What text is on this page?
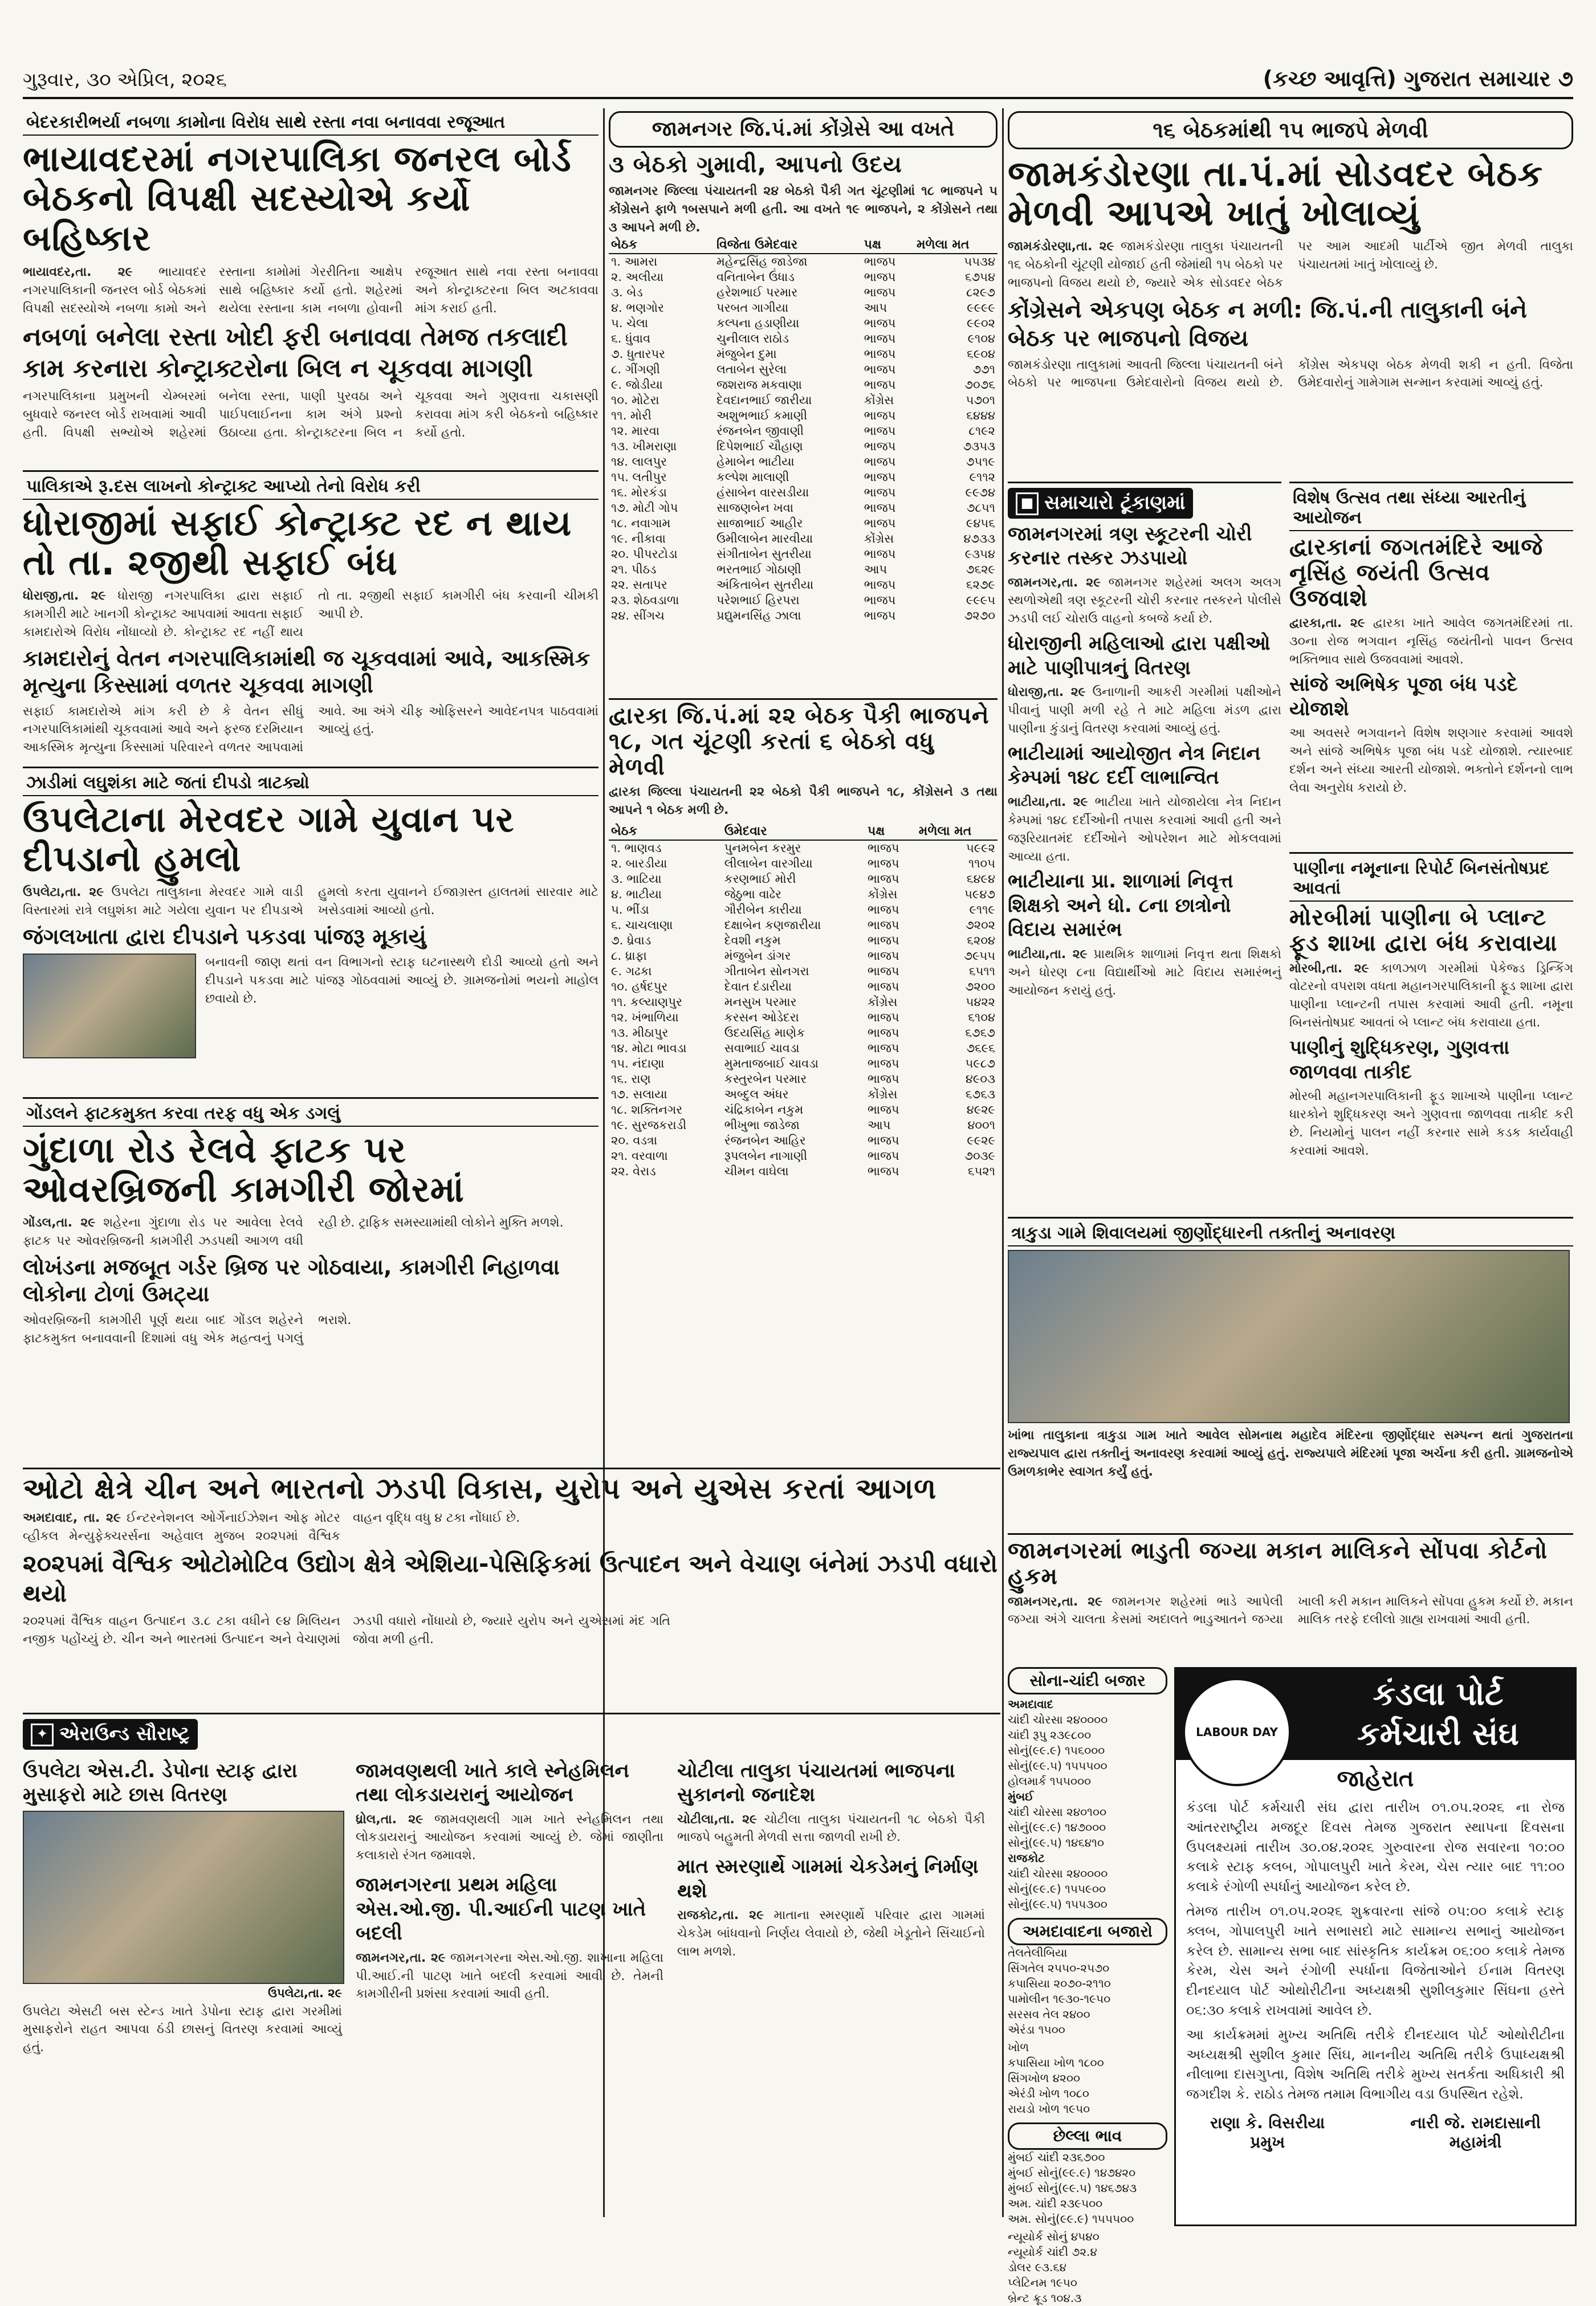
ગુરૂવાર, ૩૦ એપ્રિલ, ૨૦૨૬	(કચ્છ આવૃત્તિ) ગુજરાત સમાચાર ૭
બેદરકારીભર્યા નબળા કામોના વિરોધ સાથે રસ્તા નવા બનાવવા રજૂઆત
ભાયાવદરમાં નગરપાલિકા જનરલ બોર્ડ બેઠકનો વિપક્ષી સદસ્યોએ કર્યો બહિષ્કાર
ભાયાવદર,તા. ૨૯ ભાયાવદર નગરપાલિકાની જનરલ બોર્ડ બેઠકમાં વિપક્ષી સદસ્યોએ નબળા કામો અને રસ્તાના કામોમાં ગેરરીતિના આક્ષેપ સાથે બહિષ્કાર કર્યો હતો. શહેરમાં થયેલા રસ્તાના કામ નબળા હોવાની રજૂઆત સાથે નવા રસ્તા બનાવવા અને કોન્ટ્રાક્ટરના બિલ અટકાવવા માંગ કરાઈ હતી.
નબળાં બનેલા રસ્તા ખોદી ફરી બનાવવા તેમજ તકલાદી કામ કરનારા કોન્ટ્રાક્ટરોના બિલ ન ચૂકવવા માગણી
નગરપાલિકાના પ્રમુખની ચેમ્બરમાં બુધવારે જનરલ બોર્ડ રાખવામાં આવી હતી. વિપક્ષી સભ્યોએ શહેરમાં બનેલા રસ્તા, પાણી પુરવઠા અને પાઈપલાઈનના કામ અંગે પ્રશ્નો ઉઠાવ્યા હતા. કોન્ટ્રાક્ટરના બિલ ન ચૂકવવા અને ગુણવત્તા ચકાસણી કરાવવા માંગ કરી બેઠકનો બહિષ્કાર કર્યો હતો.
પાલિકાએ રૂ.દસ લાખનો કોન્ટ્રાક્ટ આપ્યો તેનો વિરોધ કરી
ધોરાજીમાં સફાઈ કોન્ટ્રાક્ટ રદ ન થાય તો તા. ૨જીથી સફાઈ બંધ
ધોરાજી,તા. ૨૯ ધોરાજી નગરપાલિકા દ્વારા સફાઈ કામગીરી માટે ખાનગી કોન્ટ્રાક્ટ આપવામાં આવતા સફાઈ કામદારોએ વિરોધ નોંધાવ્યો છે. કોન્ટ્રાક્ટ રદ નહીં થાય તો તા. ૨જીથી સફાઈ કામગીરી બંધ કરવાની ચીમકી આપી છે.
કામદારોનું વેતન નગરપાલિકામાંથી જ ચૂકવવામાં આવે, આકસ્મિક મૃત્યુના કિસ્સામાં વળતર ચૂકવવા માગણી
સફાઈ કામદારોએ માંગ કરી છે કે વેતન સીધું નગરપાલિકામાંથી ચૂકવવામાં આવે અને ફરજ દરમિયાન આકસ્મિક મૃત્યુના કિસ્સામાં પરિવારને વળતર આપવામાં આવે. આ અંગે ચીફ ઓફિસરને આવેદનપત્ર પાઠવવામાં આવ્યું હતું.
ઝાડીમાં લઘુશંકા માટે જતાં દીપડો ત્રાટક્યો
ઉપલેટાના મેરવદર ગામે યુવાન પર દીપડાનો હુમલો
ઉપલેટા,તા. ૨૯ ઉપલેટા તાલુકાના મેરવદર ગામે વાડી વિસ્તારમાં રાત્રે લઘુશંકા માટે ગયેલા યુવાન પર દીપડાએ હુમલો કરતા યુવાનને ઈજાગ્રસ્ત હાલતમાં સારવાર માટે ખસેડવામાં આવ્યો હતો.
જંગલખાતા દ્વારા દીપડાને પકડવા પાંજરૂ મૂકાયું
બનાવની જાણ થતાં વન વિભાગનો સ્ટાફ ઘટનાસ્થળે દોડી આવ્યો હતો અને દીપડાને પકડવા માટે પાંજરૂ ગોઠવવામાં આવ્યું છે. ગ્રામજનોમાં ભયનો માહોલ છવાયો છે.
ગોંડલને ફાટકમુક્ત કરવા તરફ વધુ એક ડગલું
ગુંદાળા રોડ રેલવે ફાટક પર ઓવરબ્રિજની કામગીરી જોરમાં
ગોંડલ,તા. ૨૯ શહેરના ગુંદાળા રોડ પર આવેલા રેલવે ફાટક પર ઓવરબ્રિજની કામગીરી ઝડપથી આગળ વધી રહી છે. ટ્રાફિક સમસ્યામાંથી લોકોને મુક્તિ મળશે.
લોખંડના મજબૂત ગર્ડર બ્રિજ પર ગોઠવાયા, કામગીરી નિહાળવા લોકોના ટોળાં ઉમટ્યા
ઓવરબ્રિજની કામગીરી પૂર્ણ થયા બાદ ગોંડલ શહેરને ફાટકમુક્ત બનાવવાની દિશામાં વધુ એક મહત્વનું પગલું ભરાશે.
ઓટો ક્ષેત્રે ચીન અને ભારતનો ઝડપી વિકાસ, યુરોપ અને યુએસ કરતાં આગળ
અમદાવાદ, તા. ૨૯ ઈન્ટરનેશનલ ઓર્ગેનાઈઝેશન ઓફ મોટર વ્હીકલ મેન્યુફેક્ચરર્સના અહેવાલ મુજબ ૨૦૨૫માં વૈશ્વિક વાહન વૃદ્ધિ વધુ ૪ ટકા નોંધાઈ છે.
૨૦૨૫માં વૈશ્વિક ઓટોમોટિવ ઉદ્યોગ ક્ષેત્રે એશિયા-પેસિફિકમાં ઉત્પાદન અને વેચાણ બંનેમાં ઝડપી વધારો થયો
૨૦૨૫માં વૈશ્વિક વાહન ઉત્પાદન ૩.૮ ટકા વધીને ૯૪ મિલિયન નજીક પહોંચ્યું છે. ચીન અને ભારતમાં ઉત્પાદન અને વેચાણમાં ઝડપી વધારો નોંધાયો છે, જ્યારે યુરોપ અને યુએસમાં મંદ ગતિ જોવા મળી હતી.
✦ એરાઉન્ડ સૌરાષ્ટ્ર
ઉપલેટા એસ.ટી. ડેપોના સ્ટાફ દ્વારા મુસાફરો માટે છાસ વિતરણ
ઉપલેટા,તા. ૨૯
ઉપલેટા એસટી બસ સ્ટેન્ડ ખાતે ડેપોના સ્ટાફ દ્વારા ગરમીમાં મુસાફરોને રાહત આપવા ઠંડી છાસનું વિતરણ કરવામાં આવ્યું હતું.
જામવણથલી ખાતે કાલે સ્નેહમિલન તથા લોકડાયરાનું આયોજન
ધ્રોલ,તા. ૨૯ જામવણથલી ગામ ખાતે સ્નેહમિલન તથા લોકડાયરાનું આયોજન કરવામાં આવ્યું છે. જેમાં જાણીતા કલાકારો રંગત જમાવશે.
જામનગરના પ્રથમ મહિલા એસ.ઓ.જી. પી.આઈની પાટણ ખાતે બદલી
જામનગર,તા. ૨૯ જામનગરના એસ.ઓ.જી. શાખાના મહિલા પી.આઈ.ની પાટણ ખાતે બદલી કરવામાં આવી છે. તેમની કામગીરીની પ્રશંસા કરવામાં આવી હતી.
ચોટીલા તાલુકા પંચાયતમાં ભાજપના સુકાનનો જનાદેશ
ચોટીલા,તા. ૨૯ ચોટીલા તાલુકા પંચાયતની ૧૮ બેઠકો પૈકી ભાજપે બહુમતી મેળવી સત્તા જાળવી રાખી છે.
માત સ્મરણાર્થે ગામમાં ચેકડેમનું નિર્માણ થશે
રાજકોટ,તા. ૨૯ માતાના સ્મરણાર્થે પરિવાર દ્વારા ગામમાં ચેકડેમ બાંધવાનો નિર્ણય લેવાયો છે, જેથી ખેડૂતોને સિંચાઈનો લાભ મળશે.
જામનગર જિ.પં.માં કોંગ્રેસે આ વખતે
૩ બેઠકો ગુમાવી, આપનો ઉદય
જામનગર જિલ્લા પંચાયતની ૨૪ બેઠકો પૈકી ગત ચૂંટણીમાં ૧૮ ભાજપને ૫ કોંગ્રેસને ફાળે ૧બસપાને મળી હતી. આ વખતે ૧૯ ભાજપને, ૨ કોંગ્રેસને તથા ૩ આપને મળી છે.
બેઠક	વિજેતા ઉમેદવાર	પક્ષ	મળેલા મત
૧. આમરા	મહેન્દ્રસિંહ જાડેજા	ભાજપ	૫૫૩૪
૨. અલીયા	વનિતાબેન ઉંધાડ	ભાજપ	૬૭૫૪
૩. બેડ	હરેશભાઈ પરમાર	ભાજપ	૮૨૯૭
૪. ભણગોર	પરબત ગાગીયા	આપ	૯૯૯૯
૫. ચેલા	કલ્પના હડાણીયા	ભાજપ	૯૯૦૨
૬. ધુંવાવ	ચુનીલાલ રાઠોડ	ભાજપ	૯૧૦૪
૭. ધુતારપર	મંજુબેન દુમા	ભાજપ	૬૯૦૪
૮. ગીંગણી	લતાબેન સુરેલા	ભાજપ	૭૭૧
૯. જોડીયા	જશરાજ મકવાણા	ભાજપ	૭૦૭૬
૧૦. મોટેરા	દેવદાનભાઈ જારીયા	કોંગ્રેસ	૫૭૦૧
૧૧. મોરી	અશુભભાઈ કમાણી	ભાજપ	૬૪૪૪
૧૨. મારવા	રંજનબેન જીવાણી	ભાજપ	૮૧૯૨
૧૩. ખીમરાણા	દિપેશભાઈ ચૌહાણ	ભાજપ	૭૩૫૩
૧૪. લાલપુર	હેમાબેન ભાટીયા	ભાજપ	૭૫૧૯
૧૫. લતીપુર	કલ્પેશ માલાણી	ભાજપ	૯૧૧૨
૧૬. મોરકંડા	હંસાબેન વારસડીયા	ભાજપ	૯૯૭૪
૧૭. મોટી ગોપ	સાજણબેન ખવા	ભાજપ	૭૮૫૧
૧૮. નવાગામ	સાજાભાઈ આહીર	ભાજપ	૯૪૫૬
૧૯. નીકાવા	ઉમીલાબેન મારવીયા	કોંગ્રેસ	૪૭૩૩
૨૦. પીપરટોડા	સંગીતાબેન સુતરીયા	ભાજપ	૯૩૫૪
૨૧. પીઠડ	ભરતભાઈ ગોઠાણી	આપ	૭૬૨૯
૨૨. સતાપર	અંકિતાબેન સુતરીયા	ભાજપ	૬૨૭૯
૨૩. શેઠવડાળા	પરેશભાઈ હિરપરા	ભાજપ	૯૯૯૫
૨૪. સીંગચ	પ્રદ્યુમનસિંહ ઝાલા	ભાજપ	૭૨૭૦
દ્વારકા જિ.પં.માં ૨૨ બેઠક પૈકી ભાજપને ૧૮, ગત ચૂંટણી કરતાં ૬ બેઠકો વધુ મેળવી
દ્વારકા જિલ્લા પંચાયતની ૨૨ બેઠકો પૈકી ભાજપને ૧૮, કોંગ્રેસને ૩ તથા આપને ૧ બેઠક મળી છે.
બેઠક	ઉમેદવાર	પક્ષ	મળેલા મત
૧. ભાણવડ	પુનમબેન કરમુર	ભાજપ	૫૯૯૨
૨. બારડીયા	લીલાબેન વારગીયા	ભાજપ	૧૧૦૫
૩. ભાટિયા	કરણભાઈ મોરી	ભાજપ	૬૪૯૪
૪. ભાટીયા	જેઠુભા વાઢેર	કોંગ્રેસ	૫૯૪૭
૫. ભીંડા	ગૌરીબેન કારીયા	ભાજપ	૯૧૧૯
૬. ચાચલાણા	દક્ષાબેન કણજારીયા	ભાજપ	૭૨૦૨
૭. ધ્રેવાડ	દેવશી નકુમ	ભાજપ	૬૨૦૪
૮. ધ્રાફા	મંજુબેન ડાંગર	ભાજપ	૭૯૫૫
૯. ગઢકા	ગીતાબેન સોનગરા	ભાજપ	૬૫૧૧
૧૦. હર્ષદપુર	દેવાત દંડારીયા	ભાજપ	૭૨૦૦
૧૧. કલ્યાણપુર	મનસુખ પરમાર	કોંગ્રેસ	૫૪૨૨
૧૨. ખંભાળિયા	કરસન ઓડેદરા	ભાજપ	૬૧૦૪
૧૩. મીઠાપુર	ઉદયસિંહ માણેક	ભાજપ	૬૭૬૭
૧૪. મોટા ભાવડા	સવાભાઈ ચાવડા	ભાજપ	૭૬૯૬
૧૫. નંદાણા	મુમતાજબાઈ ચાવડા	ભાજપ	૫૯૮૭
૧૬. રાણ	કસ્તુરબેન પરમાર	ભાજપ	૪૯૦૩
૧૭. સલાયા	અબ્દુલ અંધર	કોંગ્રેસ	૬૭૬૩
૧૮. શક્તિનગર	ચંદ્રિકાબેન નકુમ	ભાજપ	૪૯૨૯
૧૯. સુરજકરાડી	ભીખુભા જાડેજા	આપ	૪૦૦૧
૨૦. વડત્રા	રંજનબેન આહિર	ભાજપ	૯૯૨૯
૨૧. વરવાળા	રૂપલબેન નાગાણી	ભાજપ	૭૦૩૯
૨૨. વેરાડ	ચીમન વાઘેલા	ભાજપ	૬૫૨૧
૧૬ બેઠકમાંથી ૧૫ ભાજપે મેળવી
જામકંડોરણા તા.પં.માં સોડવદર બેઠક મેળવી આપએ ખાતું ખોલાવ્યું
જામકંડોરણા,તા. ૨૯ જામકંડોરણા તાલુકા પંચાયતની ૧૬ બેઠકોની ચૂંટણી યોજાઈ હતી જેમાંથી ૧૫ બેઠકો પર ભાજપનો વિજય થયો છે, જ્યારે એક સોડવદર બેઠક પર આમ આદમી પાર્ટીએ જીત મેળવી તાલુકા પંચાયતમાં ખાતું ખોલાવ્યું છે.
કોંગ્રેસને એકપણ બેઠક ન મળી: જિ.પં.ની તાલુકાની બંને બેઠક પર ભાજપનો વિજય
જામકંડોરણા તાલુકામાં આવતી જિલ્લા પંચાયતની બંને બેઠકો પર ભાજપના ઉમેદવારોનો વિજય થયો છે. કોંગ્રેસ એકપણ બેઠક મેળવી શકી ન હતી. વિજેતા ઉમેદવારોનું ગામેગામ સન્માન કરવામાં આવ્યું હતું.
■ સમાચારો ટૂંકાણમાં
જામનગરમાં ત્રણ સ્કૂટરની ચોરી કરનાર તસ્કર ઝડપાયો
જામનગર,તા. ૨૯ જામનગર શહેરમાં અલગ અલગ સ્થળોએથી ત્રણ સ્કૂટરની ચોરી કરનાર તસ્કરને પોલીસે ઝડપી લઈ ચોરાઉ વાહનો કબજે કર્યા છે.
ધોરાજીની મહિલાઓ દ્વારા પક્ષીઓ માટે પાણીપાત્રનું વિતરણ
ધોરાજી,તા. ૨૯ ઉનાળાની આકરી ગરમીમાં પક્ષીઓને પીવાનું પાણી મળી રહે તે માટે મહિલા મંડળ દ્વારા પાણીના કુંડાનું વિતરણ કરવામાં આવ્યું હતું.
ભાટીયામાં આયોજીત નેત્ર નિદાન કેમ્પમાં ૧૪૮ દર્દી લાભાન્વિત
ભાટીયા,તા. ૨૯ ભાટીયા ખાતે યોજાયેલા નેત્ર નિદાન કેમ્પમાં ૧૪૮ દર્દીઓની તપાસ કરવામાં આવી હતી અને જરૂરિયાતમંદ દર્દીઓને ઓપરેશન માટે મોકલવામાં આવ્યા હતા.
ભાટીયાના પ્રા. શાળામાં નિવૃત્ત શિક્ષકો અને ધો. ૮ના છાત્રોનો વિદાય સમારંભ
ભાટીયા,તા. ૨૯ પ્રાથમિક શાળામાં નિવૃત્ત થતા શિક્ષકો અને ધોરણ ૮ના વિદ્યાર્થીઓ માટે વિદાય સમારંભનું આયોજન કરાયું હતું.
વિશેષ ઉત્સવ તથા સંધ્યા આરતીનું આયોજન
દ્વારકાનાં જગતમંદિરે આજે નૃસિંહ જયંતી ઉત્સવ ઉજવાશે
દ્વારકા,તા. ૨૯ દ્વારકા ખાતે આવેલ જગતમંદિરમાં તા. ૩૦ના રોજ ભગવાન નૃસિંહ જયંતીનો પાવન ઉત્સવ ભક્તિભાવ સાથે ઉજવવામાં આવશે.
સાંજે અભિષેક પૂજા બંધ પડદે યોજાશે
આ અવસરે ભગવાનને વિશેષ શણગાર કરવામાં આવશે અને સાંજે અભિષેક પૂજા બંધ પડદે યોજાશે. ત્યારબાદ દર્શન અને સંધ્યા આરતી યોજાશે. ભક્તોને દર્શનનો લાભ લેવા અનુરોધ કરાયો છે.
પાણીના નમૂનાના રિપોર્ટ બિનસંતોષપ્રદ આવતાં
મોરબીમાં પાણીના બે પ્લાન્ટ ફૂડ શાખા દ્વારા બંધ કરાવાયા
મોરબી,તા. ૨૯ કાળઝાળ ગરમીમાં પેકેજ્ડ ડ્રિન્કિંગ વોટરનો વપરાશ વધતા મહાનગરપાલિકાની ફૂડ શાખા દ્વારા પાણીના પ્લાન્ટની તપાસ કરવામાં આવી હતી. નમૂના બિનસંતોષપ્રદ આવતાં બે પ્લાન્ટ બંધ કરાવાયા હતા.
પાણીનું શુદ્ધિકરણ, ગુણવત્તા જાળવવા તાકીદ
મોરબી મહાનગરપાલિકાની ફૂડ શાખાએ પાણીના પ્લાન્ટ ધારકોને શુદ્ધિકરણ અને ગુણવત્તા જાળવવા તાકીદ કરી છે. નિયમોનું પાલન નહીં કરનાર સામે કડક કાર્યવાહી કરવામાં આવશે.
ત્રાકુડા ગામે શિવાલયમાં જીર્ણોદ્ધારની તક્તીનું અનાવરણ
ખાંભા તાલુકાના ત્રાકુડા ગામ ખાતે આવેલ સોમનાથ મહાદેવ મંદિરના જીર્ણોદ્ધાર સમ્પન્ન થતાં ગુજરાતના રાજ્યપાલ દ્વારા તક્તીનું અનાવરણ કરવામાં આવ્યું હતું. રાજ્યપાલે મંદિરમાં પૂજા અર્ચના કરી હતી. ગ્રામજનોએ ઉમળકાભેર સ્વાગત કર્યું હતું.
જામનગરમાં ભાડુતી જગ્યા મકાન માલિકને સોંપવા કોર્ટનો હુકમ
જામનગર,તા. ૨૯ જામનગર શહેરમાં ભાડે આપેલી જગ્યા અંગે ચાલતા કેસમાં અદાલતે ભાડુઆતને જગ્યા ખાલી કરી મકાન માલિકને સોંપવા હુકમ કર્યો છે. મકાન માલિક તરફે દલીલો ગ્રાહ્ય રાખવામાં આવી હતી.
LABOUR DAY
કંડલા પોર્ટ
કર્મચારી સંઘ
જાહેરાત
કંડલા પોર્ટ કર્મચારી સંઘ દ્વારા તારીખ ૦૧.૦૫.૨૦૨૬ ના રોજ આંતરરાષ્ટ્રીય મજદૂર દિવસ તેમજ ગુજરાત સ્થાપના દિવસના ઉપલક્ષ્યમાં તારીખ ૩૦.૦૪.૨૦૨૬ ગુરુવારના રોજ સવારના ૧૦:૦૦ કલાકે સ્ટાફ કલબ, ગોપાલપુરી ખાતે કેરમ, ચેસ ત્યાર બાદ ૧૧:૦૦ કલાકે રંગોળી સ્પર્ધાનું આયોજન કરેલ છે.
તેમજ તારીખ ૦૧.૦૫.૨૦૨૬ શુક્રવારના સાંજે ૦૫:૦૦ કલાકે સ્ટાફ ક્લબ, ગોપાલપુરી ખાતે સભાસદો માટે સામાન્ય સભાનું આયોજન કરેલ છે. સામાન્ય સભા બાદ સાંસ્કૃતિક કાર્યક્રમ ૦૬:૦૦ કલાકે તેમજ કેરમ, ચેસ અને રંગોળી સ્પર્ધાના વિજેતાઓને ઈનામ વિતરણ દીનદયાલ પોર્ટ ઓથોરીટીના અધ્યક્ષશ્રી સુશીલકુમાર સિંઘના હસ્તે ૦૬:૩૦ કલાકે રાખવામાં આવેલ છે.
આ કાર્યક્રમમાં મુખ્ય અતિથિ તરીકે દીનદયાલ પોર્ટ ઓથોરીટીના અધ્યક્ષશ્રી સુશીલ કુમાર સિંઘ, માનનીય અતિથિ તરીકે ઉપાધ્યક્ષશ્રી નીલાભા દાસગુપ્તા, વિશેષ અતિથિ તરીકે મુખ્ય સતર્કતા અધિકારી શ્રી જગદીશ કે. રાઠોડ તેમજ તમામ વિભાગીય વડા ઉપસ્થિત રહેશે.
રાણા કે. વિસરીયા
પ્રમુખ
નારી જે. રામદાસાની
મહામંત્રી
સોના-ચાંદી બજાર
અમદાવાદ
ચાંદી ચોરસા ૨૪૦૦૦૦
ચાંદી રૂપુ ૨૩૯૮૦૦
સોનું(૯૯.૯) ૧૫૬૦૦૦
સોનું(૯૯.૫) ૧૫૫૫૦૦
હોલમાર્ક ૧૫૫૦૦૦
મુંબઈ
ચાંદી ચોરસા ૨૪૦૧૦૦
સોનું(૯૯.૯) ૧૪૭૦૦૦
સોનું(૯૯.૫) ૧૪૬૪૧૦
રાજકોટ
ચાંદી ચોરસા ૨૪૦૦૦૦
સોનું(૯૯.૯) ૧૫૫૯૦૦
સોનું(૯૯.૫) ૧૫૫૩૦૦
અમદાવાદના બજારો
તેલતેલીબિયા
સિંગતેલ ૨૫૫૦-૨૫૭૦
કપાસિયા ૨૦૭૦-૨૧૧૦
પામોલીન ૧૯૩૦-૧૯૫૦
સરસવ તેલ ૨૪૦૦
એરંડા ૧૫૦૦
ખોળ
કપાસિયા ખોળ ૧૮૦૦
સિંગખોળ ૪૨૦૦
એરંડી ખોળ ૧૦૮૦
રાયડો ખોળ ૧૯૫૦
છેલ્લા ભાવ
મુંબઈ ચાંદી ૨૩૬૭૦૦
મુંબઈ સોનું(૯૯.૯) ૧૪૭૪૨૦
મુંબઈ સોનું(૯૯.૫) ૧૪૬૭૪૩
અમ. ચાંદી ૨૩૯૫૦૦
અમ. સોનું(૯૯.૯) ૧૫૫૫૦૦
ન્યૂયોર્ક સોનું ૪૫૪૦
ન્યૂયોર્ક ચાંદી ૭૨.૪
ડોલર ૯૩.૬૪
પ્લેટિનમ ૧૯૫૦
બ્રેન્ટ ક્રૂડ ૧૦૪.૩
